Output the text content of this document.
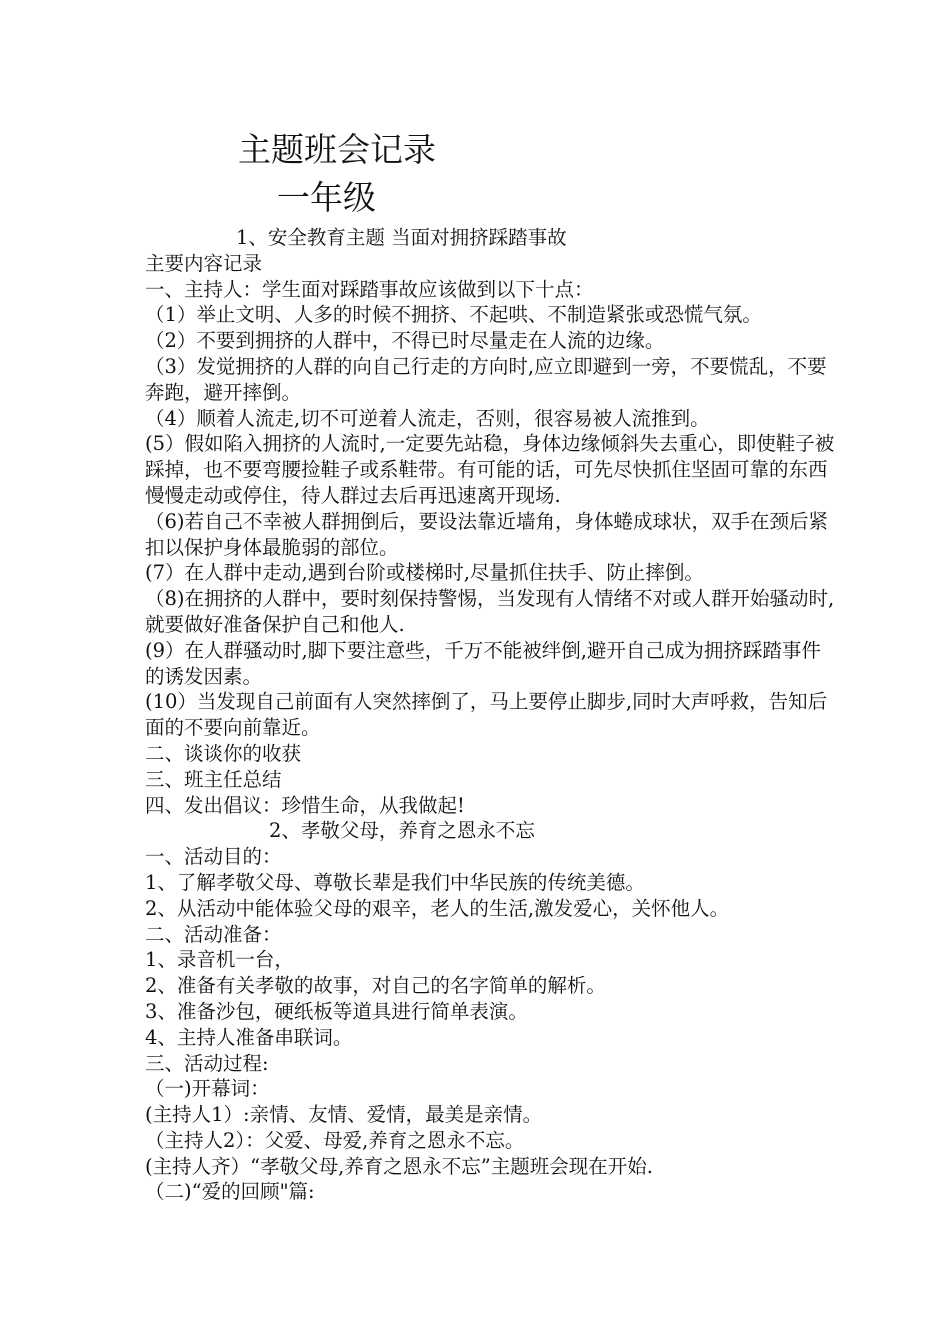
主题班会记录
一年级

1、安全教育主题 当面对拥挤踩踏事故

主要内容记录

一、主持人：学生面对踩踏事故应该做到以下十点：

（1）举止文明、人多的时候不拥挤、不起哄、不制造紧张或恐慌气氛。

（2）不要到拥挤的人群中，不得已时尽量走在人流的边缘。

（3）发觉拥挤的人群的向自己行走的方向时,应立即避到一旁，不要慌乱，不要奔跑，避开摔倒。

（4）顺着人流走,切不可逆着人流走，否则，很容易被人流推到。

(5）假如陷入拥挤的人流时,一定要先站稳，身体边缘倾斜失去重心，即使鞋子被踩掉，也不要弯腰捡鞋子或系鞋带。有可能的话，可先尽快抓住坚固可靠的东西慢慢走动或停住，待人群过去后再迅速离开现场.

（6)若自己不幸被人群拥倒后，要设法靠近墙角，身体蜷成球状，双手在颈后紧扣以保护身体最脆弱的部位。

(7）在人群中走动,遇到台阶或楼梯时,尽量抓住扶手、防止摔倒。

（8)在拥挤的人群中，要时刻保持警惕，当发现有人情绪不对或人群开始骚动时,就要做好准备保护自己和他人.

(9）在人群骚动时,脚下要注意些，千万不能被绊倒,避开自己成为拥挤踩踏事件的诱发因素。

(10）当发现自己前面有人突然摔倒了，马上要停止脚步,同时大声呼救，告知后面的不要向前靠近。

二、谈谈你的收获

三、班主任总结

四、发出倡议：珍惜生命，从我做起!

2、孝敬父母，养育之恩永不忘

一、活动目的：

1、了解孝敬父母、尊敬长辈是我们中华民族的传统美德。

2、从活动中能体验父母的艰辛，老人的生活,激发爱心，关怀他人。

二、活动准备：

1、录音机一台，

2、准备有关孝敬的故事，对自己的名字简单的解析。

3、准备沙包，硬纸板等道具进行简单表演。

4、主持人准备串联词。

三、活动过程:

（一)开幕词：

(主持人1）:亲情、友情、爱情，最美是亲情。

（主持人2）：父爱、母爱,养育之恩永不忘。

(主持人齐）“孝敬父母,养育之恩永不忘”主题班会现在开始.

（二)“爱的回顾"篇:
